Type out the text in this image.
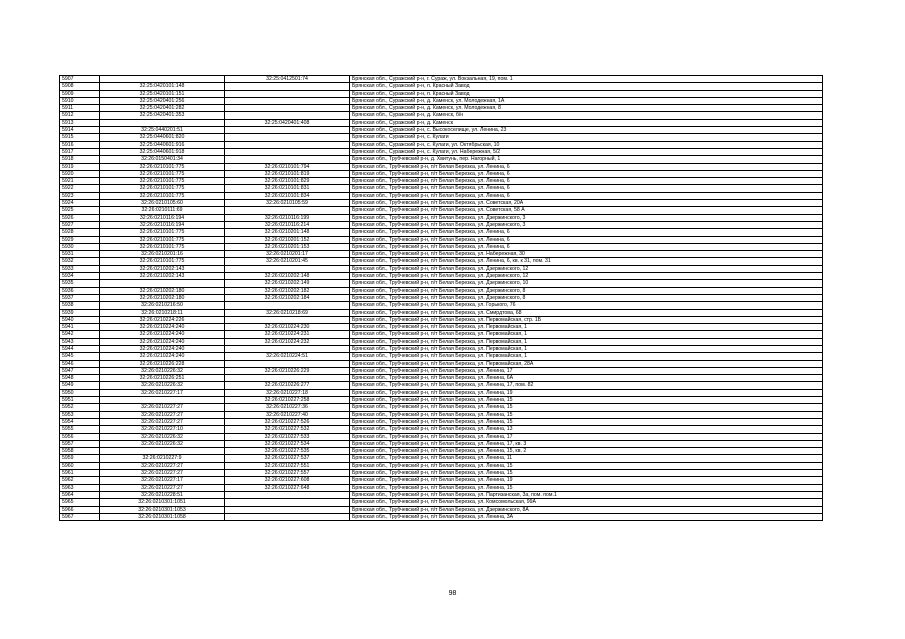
5907		32:25:0412501:74	Брянская обл., Суражский р-н, г. Сураж, ул. Вокзальная, 19, пом. 1
5908	32:25:0420101:148		Брянская обл., Суражский р-н, п. Красный Завод
5909	32:25:0420101:151		Брянская обл., Суражский р-н, п. Красный Завод
5910	32:25:0420401:256		Брянская обл., Суражский р-н, д. Каменск, ул. Молодежная, 1А
5911	32:25:0420401:282		Брянская обл., Суражский р-н, д. Каменск, ул. Молодежная, 8
5912	32:25:0420401:353		Брянская обл., Суражский р-н, д. Каменск, б/н
5913		32:25:0420401:408	Брянская обл., Суражский р-н, д. Каменск
5914	32:25:0440201:51		Брянская обл., Суражский р-н, с. Высокоселище, ул. Ленина, 23
5915	32:25:0440601:820		Брянская обл., Суражский р-н, с. Кулаги
5916	32:25:0440601:916		Брянская обл., Суражский р-н, с. Кулаги, ул. Октябрьская, 10
5917	32:25:0440601:918		Брянская обл., Суражский р-н, с. Кулаги, ул. Набережная, 5/2
5918	32:26:0150401:34		Брянская обл., Трубчевский р-н, д. Хвитунь, пер. Нагорный, 1
5919	32:26:0210101:775	32:26:0210101:794	Брянская обл., Трубчевский р-н, п/т Белая Березка, ул. Ленина, 6
5920	32:26:0210101:775	32:26:0210101:819	Брянская обл., Трубчевский р-н, п/т Белая Березка, ул. Ленина, 6
5921	32:26:0210101:775	32:26:0210101:829	Брянская обл., Трубчевский р-н, п/т Белая Березка, ул. Ленина, 6
5922	32:26:0210101:775	32:26:0210101:831	Брянская обл., Трубчевский р-н, п/т Белая Березка, ул. Ленина, 6
5923	32:26:0210101:775	32:26:0210101:834	Брянская обл., Трубчевский р-н, п/т Белая Березка, ул. Ленина, 6
5924	32:26:0210105:60	32:26:0210105:59	Брянская обл., Трубчевский р-н, п/т Белая Березка, ул. Советская, 20А
5925	32:26:0210111:69		Брянская обл., Трубчевский р-н, п/т Белая Березка, ул. Советская, 58 А
5926	32:26:0210116:194	32:26:0210116:199	Брянская обл., Трубчевский р-н, п/т Белая Березка, ул. Дзержинского, 3
5927	32:26:0210116:194	32:26:0210116:214	Брянская обл., Трубчевский р-н, п/т Белая Березка, ул. Дзержинского, 3
5928	32:26:0210101:775	32:26:0210201:148	Брянская обл., Трубчевский р-н, п/т Белая Березка, ул. Ленина, 6
5929	32:26:0210101:775	32:26:0210201:152	Брянская обл., Трубчевский р-н, п/т Белая Березка, ул. Ленина, 6
5930	32:26:0210101:775	32:26:0210201:153	Брянская обл., Трубчевский р-н, п/т Белая Березка, ул. Ленина, 6
5931	32:26:0210201:16	32:26:0210201:17	Брянская обл., Трубчевский р-н, п/т Белая Березка, ул. Набережная, 30
5932	32:26:0210101:775	32:26:0210201:45	Брянская обл., Трубчевский р-н, п/т Белая Березка, ул. Ленина, 6, кв. к 31, пом. 31
5933	32:26:0210202:143		Брянская обл., Трубчевский р-н, п/т Белая Березка, ул. Дзержинского, 12
5934	32:26:0210202:143	32:26:0210202:148	Брянская обл., Трубчевский р-н, п/т Белая Березка, ул. Дзержинского, 12
5935		32:26:0210202:149	Брянская обл., Трубчевский р-н, п/т Белая Березка, ул. Дзержинского, 10
5936	32:26:0210202:180	32:26:0210202:182	Брянская обл., Трубчевский р-н, п/т Белая Березка, ул. Дзержинского, 8
5937	32:26:0210202:180	32:26:0210202:184	Брянская обл., Трубчевский р-н, п/т Белая Березка, ул. Дзержинского, 8
5938	32:26:0210216:50		Брянская обл., Трубчевский р-н, п/т Белая Березка, ул. Горького, 76
5939	32:26:0210218:11	32:26:0210218:69	Брянская обл., Трубчевский р-н, п/т Белая Березка, ул. Смирдтова, 68
5940	32:26:0210224:226		Брянская обл., Трубчевский р-н, п/т Белая Березка, ул. Первомайская, стр. 1Б
5941	32:26:0210224:240	32:26:0210224:230	Брянская обл., Трубчевский р-н, п/т Белая Березка, ул. Первомайская, 1
5942	32:26:0210224:240	32:26:0210224:231	Брянская обл., Трубчевский р-н, п/т Белая Березка, ул. Первомайская, 1
5943	32:26:0210224:240	32:26:0210224:232	Брянская обл., Трубчевский р-н, п/т Белая Березка, ул. Первомайская, 1
5944	32:26:0210224:240		Брянская обл., Трубчевский р-н, п/т Белая Березка, ул. Первомайская, 1
5945	32:26:0210224:240	32:26:0210224:51	Брянская обл., Трубчевский р-н, п/т Белая Березка, ул. Первомайская, 1
5946	32:26:0210226:228		Брянская обл., Трубчевский р-н, п/т Белая Березка, ул. Первомайская, 28А
5947	32:26:0210226:32	32:26:0210226:229	Брянская обл., Трубчевский р-н, п/т Белая Березка, ул. Ленина, 17
5948	32:26:0210226:251		Брянская обл., Трубчевский р-н, п/т Белая Березка, ул. Ленина, 6А
5949	32:26:0210226:32	32:26:0210226:277	Брянская обл., Трубчевский р-н, п/т Белая Березка, ул. Ленина, 17, пом. 82
5950	32:26:0210227:17	32:26:0210227:18	Брянская обл., Трубчевский р-н, п/т Белая Березка, ул. Ленина, 19
5951		32:26:0210227:258	Брянская обл., Трубчевский р-н, п/т Белая Березка, ул. Ленина, 15
5952	32:26:0210227:27	32:26:0210227:36	Брянская обл., Трубчевский р-н, п/т Белая Березка, ул. Ленина, 15
5953	32:26:0210227:27	32:26:0210227:40	Брянская обл., Трубчевский р-н, п/т Белая Березка, ул. Ленина, 15
5954	32:26:0210227:27	32:26:0210227:526	Брянская обл., Трубчевский р-н, п/т Белая Березка, ул. Ленина, 15
5955	32:26:0210227:10	32:26:0210227:532	Брянская обл., Трубчевский р-н, п/т Белая Березка, ул. Ленина, 13
5956	32:26:0210226:32	32:26:0210227:533	Брянская обл., Трубчевский р-н, п/т Белая Березка, ул. Ленина, 17
5957	32:26:0210226:32	32:26:0210227:534	Брянская обл., Трубчевский р-н, п/т Белая Березка, ул. Ленина, 17, кв. 3
5958		32:26:0210227:535	Брянская обл., Трубчевский р-н, п/т Белая Березка, ул. Ленина, 15, кв. 2
5959	32:26:0210227:9	32:26:0210227:537	Брянская обл., Трубчевский р-н, п/т Белая Березка, ул. Ленина, 11
5960	32:26:0210227:27	32:26:0210227:551	Брянская обл., Трубчевский р-н, п/т Белая Березка, ул. Ленина, 15
5961	32:26:0210227:27	32:26:0210227:557	Брянская обл., Трубчевский р-н, п/т Белая Березка, ул. Ленина, 15
5962	32:26:0210227:17	32:26:0210227:608	Брянская обл., Трубчевский р-н, п/т Белая Березка, ул. Ленина, 19
5963	32:26:0210227:27	32:26:0210227:648	Брянская обл., Трубчевский р-н, п/т Белая Березка, ул. Ленина, 15
5964	32:26:0210228:51		Брянская обл., Трубчевский р-н, п/т Белая Березка, ул. Партизанская, 3а, пом. пом.1
5965	32:26:0210301:1051		Брянская обл., Трубчевский р-н, п/т Белая Березка, ул. Комсомольская, 99А
5966	32:26:0210301:1053		Брянская обл., Трубчевский р-н, п/т Белая Березка, ул. Дзержинского, 8А
5967	32:26:0210301:1058		Брянская обл., Трубчевский р-н, п/т Белая Березка, ул. Ленина, 3А
98
